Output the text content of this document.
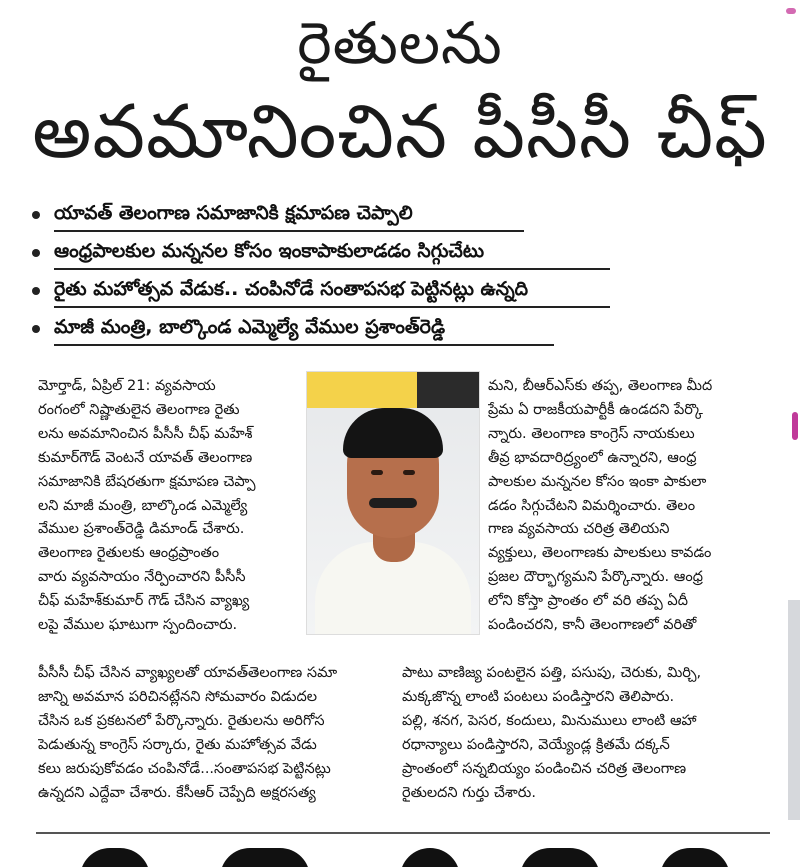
రైతులను
అవమానించిన పీసీసీ చీఫ్
యావత్ తెలంగాణ సమాజానికి క్షమాపణ చెప్పాలి
ఆంధ్రపాలకుల మన్ననల కోసం ఇంకాపాకులాడడం సిగ్గుచేటు
రైతు మహోత్సవ వేడుక.. చంపినోడే సంతాపసభ పెట్టినట్లు ఉన్నది
మాజీ మంత్రి, బాల్కొండ ఎమ్మెల్యే వేముల ప్రశాంత్‌రెడ్డి
మోర్తాడ్, ఏప్రిల్ 21: వ్యవసాయ
రంగంలో నిష్ణాతులైన తెలంగాణ రైతు
లను అవమానించిన పీసీసీ చీఫ్ మహేశ్
కుమార్‌గౌడ్ వెంటనే యావత్ తెలంగాణ
సమాజానికి బేషరతుగా క్షమాపణ చెప్పా
లని మాజీ మంత్రి, బాల్కొండ ఎమ్మెల్యే
వేముల ప్రశాంత్‌రెడ్డి డిమాండ్ చేశారు.
తెలంగాణ రైతులకు ఆంధ్రప్రాంతం
వారు వ్యవసాయం నేర్పించారని పీసీసీ
చీఫ్ మహేశ్‌కుమార్ గౌడ్ చేసిన వ్యాఖ్య
లపై వేముల ఘాటుగా స్పందించారు.
మని, బీఆర్‌ఎస్‌కు తప్ప, తెలంగాణ మీద
ప్రేమ ఏ రాజకీయపార్టీకీ ఉండదని పేర్కొ
న్నారు. తెలంగాణ కాంగ్రెస్ నాయకులు
తీవ్ర భావదారిద్ర్యంలో ఉన్నారని, ఆంధ్ర
పాలకుల మన్ననల కోసం ఇంకా పాకులా
డడం సిగ్గుచేటని విమర్శించారు. తెలం
గాణ వ్యవసాయ చరిత్ర తెలియని
వ్యక్తులు, తెలంగాణకు పాలకులు కావడం
ప్రజల దౌర్భాగ్యమని పేర్కొన్నారు. ఆంధ్ర
లోని కోస్తా ప్రాంతం లో వరి తప్ప ఏదీ
పండించరని, కానీ తెలంగాణలో వరితో
పీసీసీ చీఫ్ చేసిన వ్యాఖ్యలతో యావత్‌తెలంగాణ సమా
జాన్ని అవమాన పరిచినట్లేనని సోమవారం విడుదల
చేసిన ఒక ప్రకటనలో పేర్కొన్నారు. రైతులను అరిగోస
పెడుతున్న కాంగ్రెస్ సర్కారు, రైతు మహోత్సవ వేడు
కలు జరుపుకోవడం చంపినోడే...సంతాపసభ పెట్టినట్లు
ఉన్నదని ఎద్దేవా చేశారు. కేసీఆర్ చెప్పేది అక్షరసత్య
పాటు వాణిజ్య పంటలైన పత్తి, పసుపు, చెరుకు, మిర్చి,
మక్కజొన్న లాంటి పంటలు పండిస్తారని తెలిపారు.
పల్లి, శనగ, పెసర, కందులు, మినుములు లాంటి ఆహా
రధాన్యాలు పండిస్తారని, వెయ్యేండ్ల క్రితమే దక్కన్
ప్రాంతంలో సన్నబియ్యం పండించిన చరిత్ర తెలంగాణ
రైతులదని గుర్తు చేశారు.
